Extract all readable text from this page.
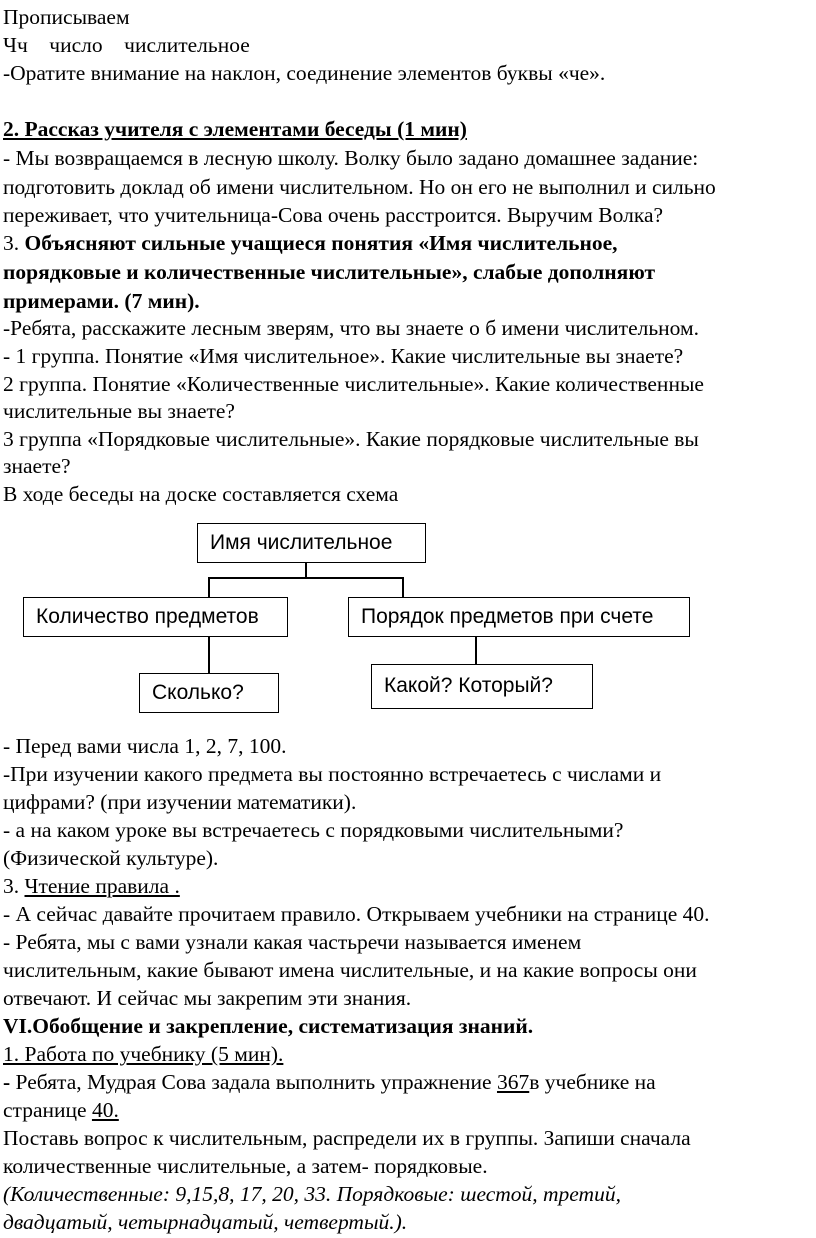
Прописываем
Чч    число    числительное
-Оратите внимание на наклон, соединение элементов буквы «че».
2. Рассказ учителя с элементами беседы (1 мин)
- Мы возвращаемся в лесную школу. Волку было задано домашнее задание:
подготовить доклад об имени числительном. Но он его не выполнил и сильно
переживает, что учительница-Сова очень расстроится. Выручим Волка?
3. Объясняют сильные учащиеся понятия «Имя числительное,
порядковые и количественные числительные», слабые дополняют
примерами. (7 мин).
-Ребята, расскажите лесным зверям, что вы знаете о б имени числительном.
- 1 группа. Понятие «Имя числительное». Какие числительные вы знаете?
2 группа. Понятие «Количественные числительные». Какие количественные
числительные вы знаете?
3 группа «Порядковые числительные». Какие порядковые числительные вы
знаете?
В ходе беседы на доске составляется схема
Имя числительное
Количество предметов	Порядок предметов при счете
Сколько?	Какой? Который?
- Перед вами числа 1, 2, 7, 100.
-При изучении какого предмета вы постоянно встречаетесь с числами и
цифрами? (при изучении математики).
- а на каком уроке вы встречаетесь с порядковыми числительными?
(Физической культуре).
3. Чтение правила .
- А сейчас давайте прочитаем правило. Открываем учебники на странице 40.
- Ребята, мы с вами узнали какая частьречи называется именем
числительным, какие бывают имена числительные, и на какие вопросы они
отвечают. И сейчас мы закрепим эти знания.
VI.Обобщение и закрепление, систематизация знаний.
1. Работа по учебнику (5 мин).
- Ребята, Мудрая Сова задала выполнить упражнение 367в учебнике на
странице 40.
Поставь вопрос к числительным, распредели их в группы. Запиши сначала
количественные числительные, а затем- порядковые.
(Количественные: 9,15,8, 17, 20, 33. Порядковые: шестой, третий,
двадцатый, четырнадцатый, четвертый.).
